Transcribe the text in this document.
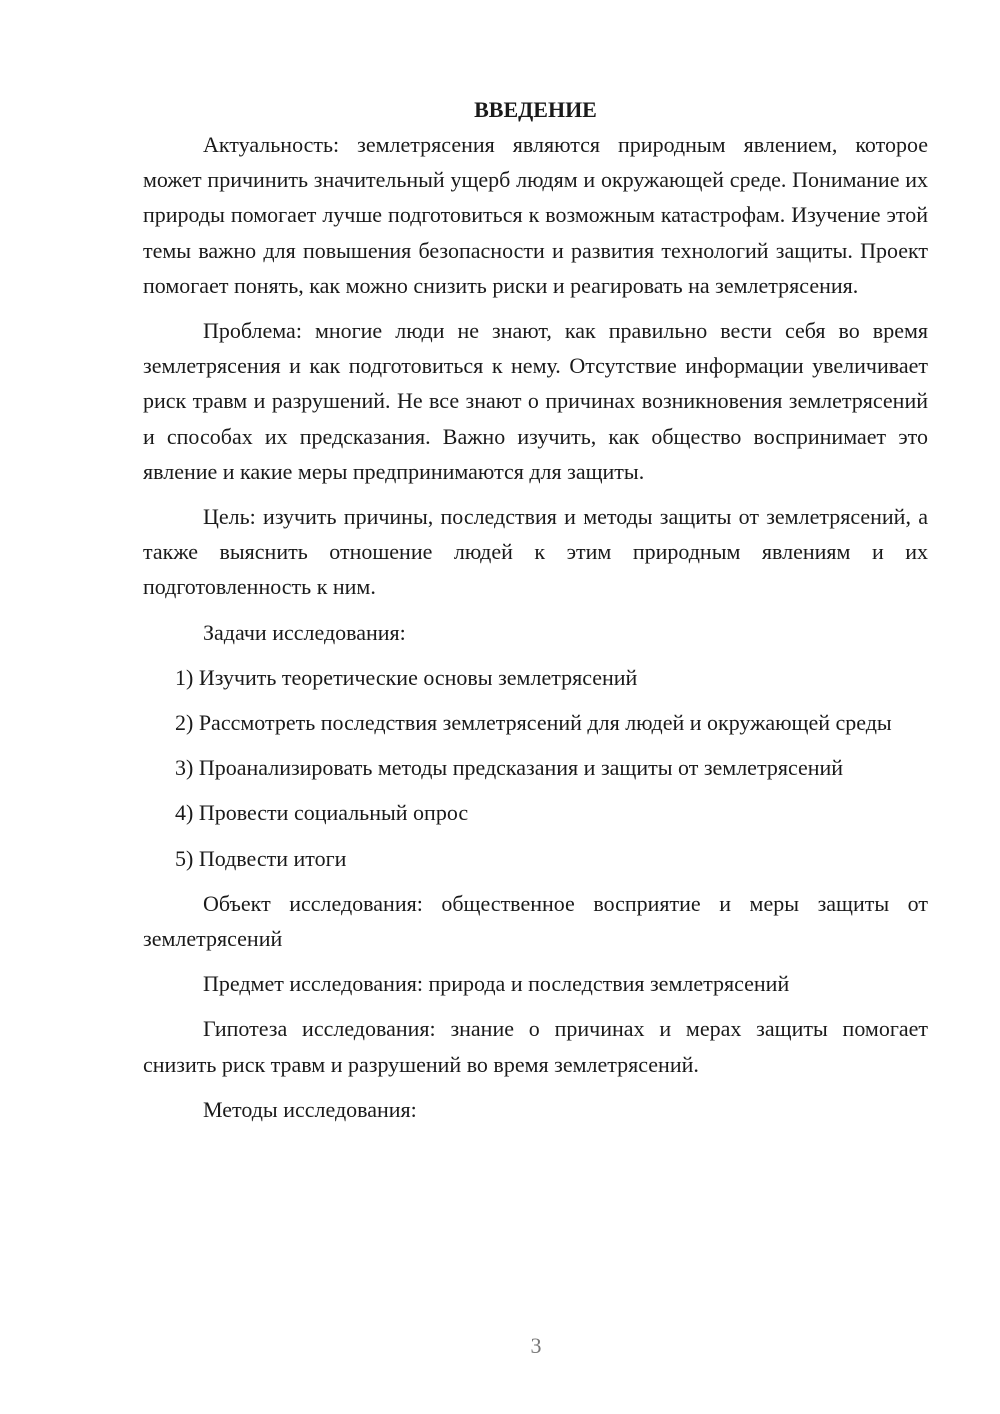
ВВЕДЕНИЕ

Актуальность: землетрясения являются природным явлением, которое может причинить значительный ущерб людям и окружающей среде. Понимание их природы помогает лучше подготовиться к возможным катастрофам. Изучение этой темы важно для повышения безопасности и развития технологий защиты. Проект помогает понять, как можно снизить риски и реагировать на землетрясения.

Проблема: многие люди не знают, как правильно вести себя во время землетрясения и как подготовиться к нему. Отсутствие информации увеличивает риск травм и разрушений. Не все знают о причинах возникновения землетрясений и способах их предсказания. Важно изучить, как общество воспринимает это явление и какие меры предпринимаются для защиты.

Цель: изучить причины, последствия и методы защиты от землетрясений, а также выяснить отношение людей к этим природным явлениям и их подготовленность к ним.

Задачи исследования:

1) Изучить теоретические основы землетрясений

2) Рассмотреть последствия землетрясений для людей и окружающей среды

3) Проанализировать методы предсказания и защиты от землетрясений

4) Провести социальный опрос

5) Подвести итоги

Объект исследования: общественное восприятие и меры защиты от землетрясений

Предмет исследования: природа и последствия землетрясений

Гипотеза исследования: знание о причинах и мерах защиты помогает снизить риск травм и разрушений во время землетрясений.

Методы исследования:

3
